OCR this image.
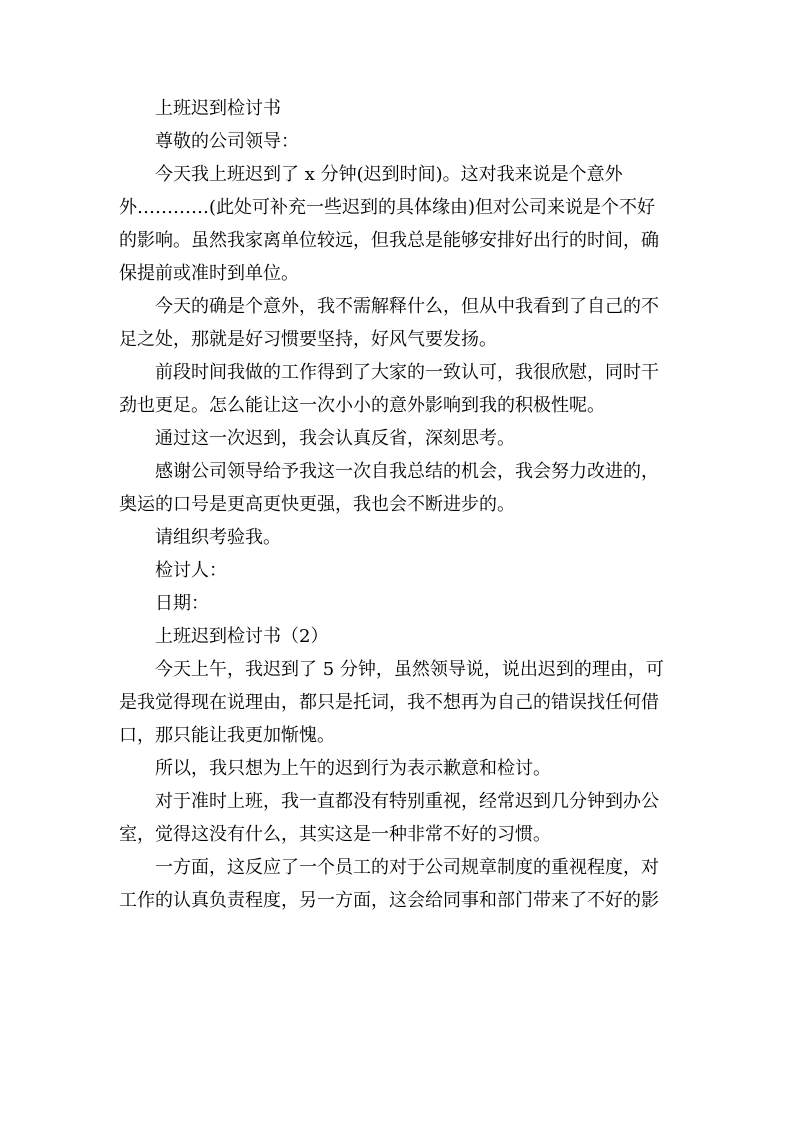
上班迟到检讨书

尊敬的公司领导：

今天我上班迟到了 x 分钟(迟到时间)。这对我来说是个意外

外…………(此处可补充一些迟到的具体缘由)但对公司来说是个不好

的影响。虽然我家离单位较远，但我总是能够安排好出行的时间，确

保提前或准时到单位。

今天的确是个意外，我不需解释什么，但从中我看到了自己的不

足之处，那就是好习惯要坚持，好风气要发扬。

前段时间我做的工作得到了大家的一致认可，我很欣慰，同时干

劲也更足。怎么能让这一次小小的意外影响到我的积极性呢。

通过这一次迟到，我会认真反省，深刻思考。

感谢公司领导给予我这一次自我总结的机会，我会努力改进的，

奥运的口号是更高更快更强，我也会不断进步的。

请组织考验我。

检讨人：

日期：

上班迟到检讨书（2）

今天上午，我迟到了 5 分钟，虽然领导说，说出迟到的理由，可

是我觉得现在说理由，都只是托词，我不想再为自己的错误找任何借

口，那只能让我更加惭愧。

所以，我只想为上午的迟到行为表示歉意和检讨。

对于准时上班，我一直都没有特别重视，经常迟到几分钟到办公

室，觉得这没有什么，其实这是一种非常不好的习惯。

一方面，这反应了一个员工的对于公司规章制度的重视程度，对

工作的认真负责程度，另一方面，这会给同事和部门带来了不好的影
